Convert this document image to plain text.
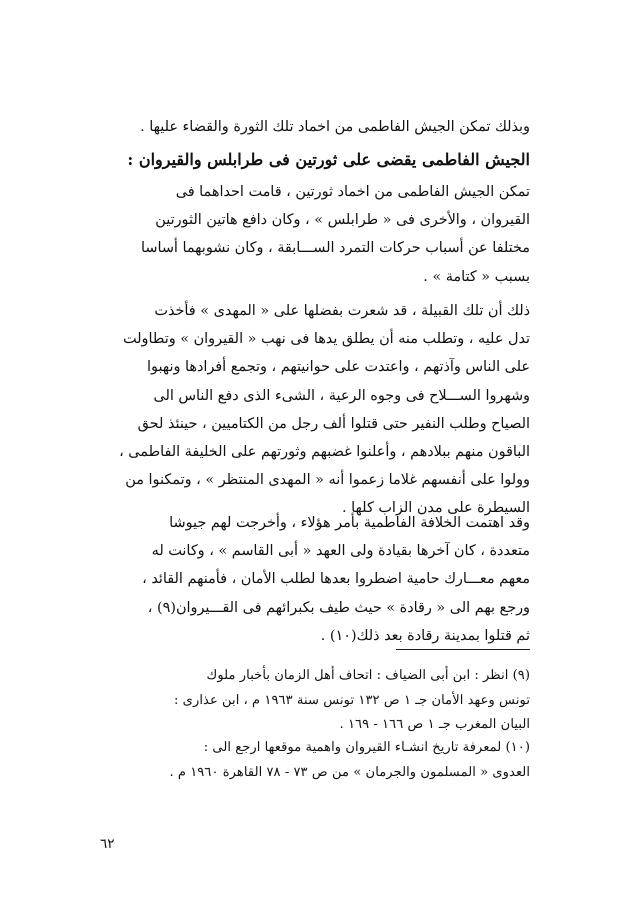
وبذلك تمكن الجيش الفاطمى من اخماد تلك الثورة والقضاء عليها .
الجيش الفاطمى يقضى على ثورتين فى طرابلس والقيروان :
تمكن الجيش الفاطمى من اخماد ثورتين ، قامت احداهما فى
القيروان ، والأخرى فى « طرابلس » ، وكان دافع هاتين الثورتين
مختلفا عن أسباب حركات التمرد الســـابقة ، وكان نشوبهما أساسا
بسبب « كتامة » .
ذلك أن تلك القبيلة ، قد شعرت بفضلها على « المهدى » فأخذت
تدل عليه ، وتطلب منه أن يطلق يدها فى نهب « القيروان » وتطاولت
على الناس وآذتهم ، واعتدت على حوانيتهم ، وتجمع أفرادها ونهبوا
وشهروا الســـلاح فى وجوه الرعية ، الشىء الذى دفع الناس الى
الصياح وطلب النفير حتى قتلوا ألف رجل من الكتاميين ، حينئذ لحق
الباقون منهم ببلادهم ، وأعلنوا غضبهم وثورتهم على الخليفة الفاطمى ،
وولوا على أنفسهم غلاما زعموا أنه « المهدى المنتظر » ، وتمكنوا من
السيطرة على مدن الزاب كلها .
وقد اهتمت الخلافة الفاطمية بأمر هؤلاء ، وأخرجت لهم جيوشا
متعددة ، كان آخرها بقيادة ولى العهد « أبى القاسم » ، وكانت له
معهم معـــارك حامية اضطروا بعدها لطلب الأمان ، فأمنهم القائد ،
ورجع بهم الى « رقادة » حيث طيف بكبرائهم فى القـــيروان(٩) ،
ثم قتلوا بمدينة رقادة بعد ذلك(١٠) .
(٩) انظر : ابن أبى الضياف : اتحاف أهل الزمان بأخبار ملوك
تونس وعهد الأمان جـ ١ ص ١٣٢ تونس سنة ١٩٦٣ م ، ابن عذارى :
البيان المغرب جـ ١ ص ١٦٦ - ١٦٩ .
(١٠) لمعرفة تاريخ انشـاء القيروان واهمية موقعها ارجع الى :
العدوى « المسلمون والجرمان » من ص ٧٣ - ٧٨ القاهرة ١٩٦٠ م .
٦٢
